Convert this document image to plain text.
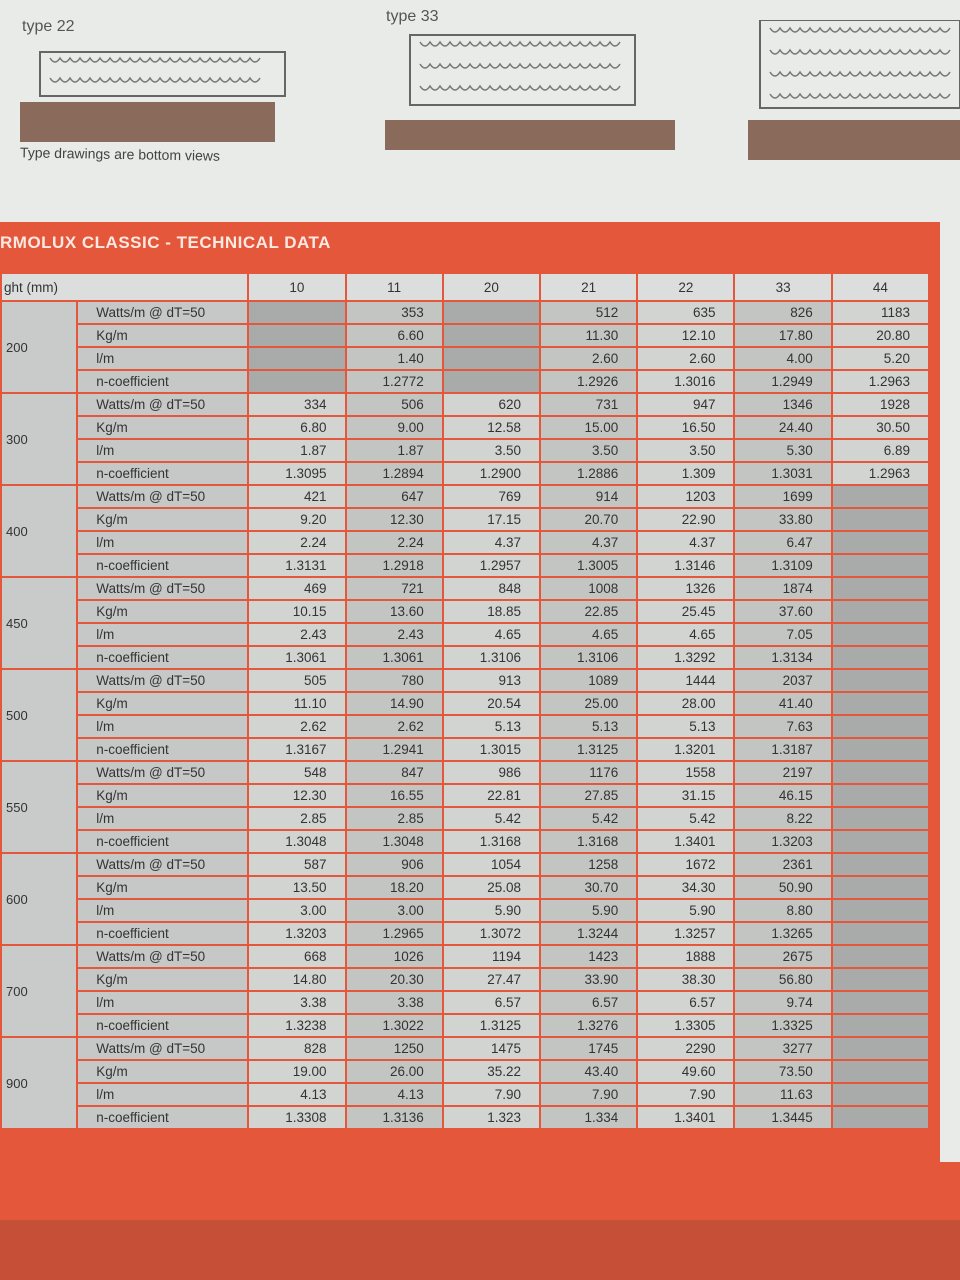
type 22
type 33
Type drawings are bottom views
RMOLUX CLASSIC - TECHNICAL DATA
ght (mm)		10	11	20	21	22	33	44
200	Watts/m @ dT=50		353		512	635	826	1183
	Kg/m		6.60		11.30	12.10	17.80	20.80
	l/m		1.40		2.60	2.60	4.00	5.20
	n-coefficient		1.2772		1.2926	1.3016	1.2949	1.2963
300	Watts/m @ dT=50	334	506	620	731	947	1346	1928
	Kg/m	6.80	9.00	12.58	15.00	16.50	24.40	30.50
	l/m	1.87	1.87	3.50	3.50	3.50	5.30	6.89
	n-coefficient	1.3095	1.2894	1.2900	1.2886	1.309	1.3031	1.2963
400	Watts/m @ dT=50	421	647	769	914	1203	1699	
	Kg/m	9.20	12.30	17.15	20.70	22.90	33.80	
	l/m	2.24	2.24	4.37	4.37	4.37	6.47	
	n-coefficient	1.3131	1.2918	1.2957	1.3005	1.3146	1.3109	
450	Watts/m @ dT=50	469	721	848	1008	1326	1874	
	Kg/m	10.15	13.60	18.85	22.85	25.45	37.60	
	l/m	2.43	2.43	4.65	4.65	4.65	7.05	
	n-coefficient	1.3061	1.3061	1.3106	1.3106	1.3292	1.3134	
500	Watts/m @ dT=50	505	780	913	1089	1444	2037	
	Kg/m	11.10	14.90	20.54	25.00	28.00	41.40	
	l/m	2.62	2.62	5.13	5.13	5.13	7.63	
	n-coefficient	1.3167	1.2941	1.3015	1.3125	1.3201	1.3187	
550	Watts/m @ dT=50	548	847	986	1176	1558	2197	
	Kg/m	12.30	16.55	22.81	27.85	31.15	46.15	
	l/m	2.85	2.85	5.42	5.42	5.42	8.22	
	n-coefficient	1.3048	1.3048	1.3168	1.3168	1.3401	1.3203	
600	Watts/m @ dT=50	587	906	1054	1258	1672	2361	
	Kg/m	13.50	18.20	25.08	30.70	34.30	50.90	
	l/m	3.00	3.00	5.90	5.90	5.90	8.80	
	n-coefficient	1.3203	1.2965	1.3072	1.3244	1.3257	1.3265	
700	Watts/m @ dT=50	668	1026	1194	1423	1888	2675	
	Kg/m	14.80	20.30	27.47	33.90	38.30	56.80	
	l/m	3.38	3.38	6.57	6.57	6.57	9.74	
	n-coefficient	1.3238	1.3022	1.3125	1.3276	1.3305	1.3325	
900	Watts/m @ dT=50	828	1250	1475	1745	2290	3277	
	Kg/m	19.00	26.00	35.22	43.40	49.60	73.50	
	l/m	4.13	4.13	7.90	7.90	7.90	11.63	
	n-coefficient	1.3308	1.3136	1.323	1.334	1.3401	1.3445	
